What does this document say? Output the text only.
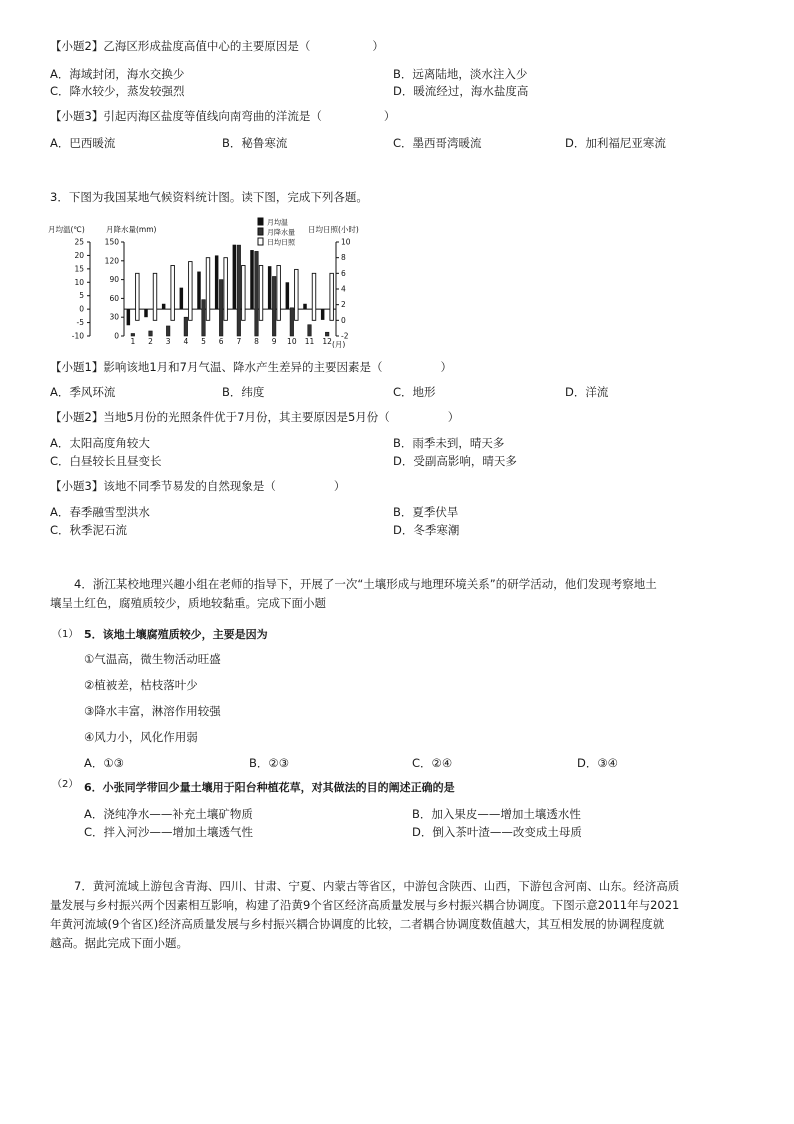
【小题2】乙海区形成盐度高值中心的主要原因是（	）
A．海域封闭，海水交换少	B．远离陆地，淡水注入少
C．降水较少，蒸发较强烈	D．暖流经过，海水盐度高
【小题3】引起丙海区盐度等值线向南弯曲的洋流是（	）
A．巴西暖流	B．秘鲁寒流	C．墨西哥湾暖流	D．加利福尼亚寒流
3．下图为我国某地气候资料统计图。读下图，完成下列各题。
月均温(℃)	月降水量(mm)	日均日照(小时)
25
20
15
10
5
0
-5
-10
150
120
90
60
30
0
10
8
6
4
2
0
-2
月均温
月降水量
日均日照
1 2 3 4 5 6 7 8 9 10 11 12 (月)
【小题1】影响该地1月和7月气温、降水产生差异的主要因素是（	）
A．季风环流	B．纬度	C．地形	D．洋流
【小题2】当地5月份的光照条件优于7月份，其主要原因是5月份（	）
A．太阳高度角较大	B．雨季未到，晴天多
C．白昼较长且昼变长	D．受副高影响，晴天多
【小题3】该地不同季节易发的自然现象是（	）
A．春季融雪型洪水	B．夏季伏旱
C．秋季泥石流	D．冬季寒潮
4．浙江某校地理兴趣小组在老师的指导下，开展了一次“土壤形成与地理环境关系”的研学活动，他们发现考察地土
壤呈土红色，腐殖质较少，质地较黏重。完成下面小题
（1） 5．该地土壤腐殖质较少，主要是因为
①气温高，微生物活动旺盛
②植被差，枯枝落叶少
③降水丰富，淋溶作用较强
④风力小，风化作用弱
A．①③	B．②③	C．②④	D．③④
（2） 6．小张同学带回少量土壤用于阳台种植花草，对其做法的目的阐述正确的是
A．浇纯净水——补充土壤矿物质	B．加入果皮——增加土壤透水性
C．拌入河沙——增加土壤透气性	D．倒入茶叶渣——改变成土母质
7．黄河流域上游包含青海、四川、甘肃、宁夏、内蒙古等省区，中游包含陕西、山西，下游包含河南、山东。经济高质
量发展与乡村振兴两个因素相互影响，构建了沿黄9个省区经济高质量发展与乡村振兴耦合协调度。下图示意2011年与2021
年黄河流域(9个省区)经济高质量发展与乡村振兴耦合协调度的比较，二者耦合协调度数值越大，其互相发展的协调程度就
越高。据此完成下面小题。
